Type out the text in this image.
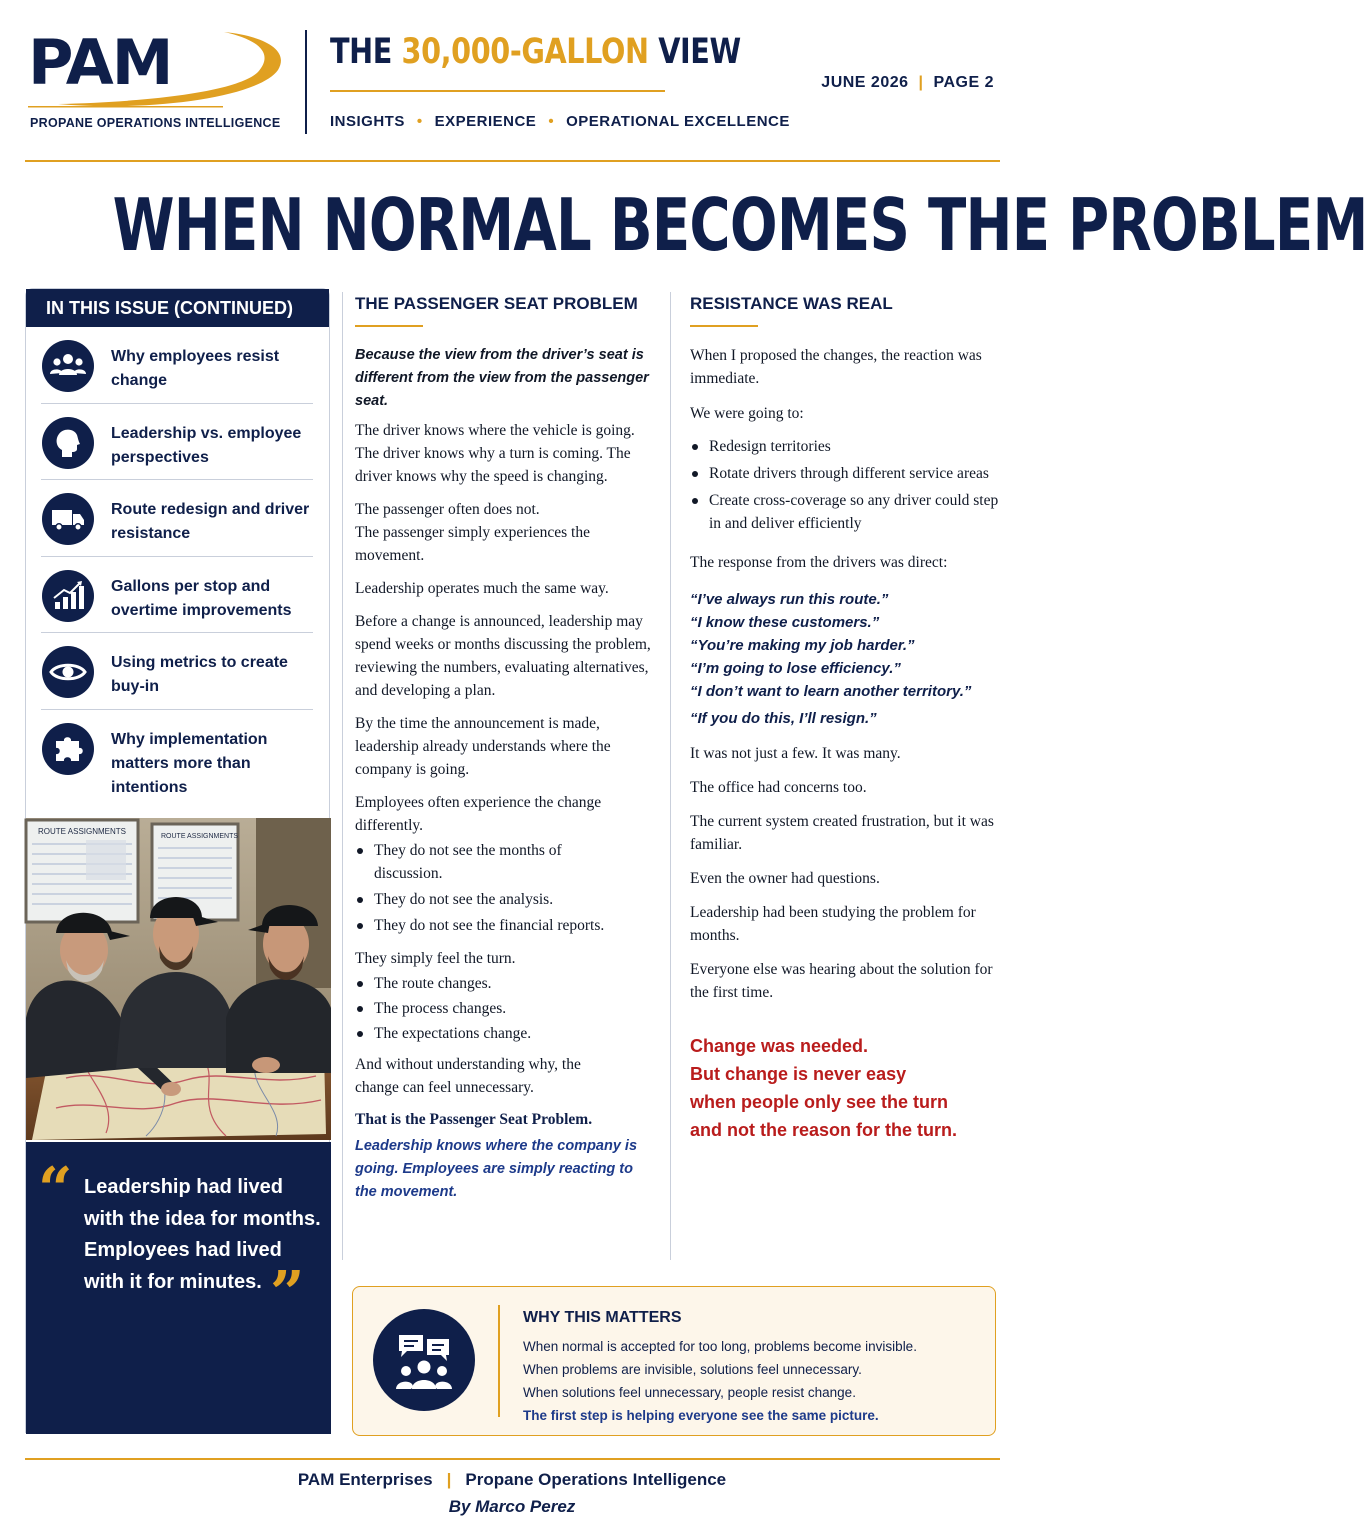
PAM
PROPANE OPERATIONS INTELLIGENCE
THE 30,000-GALLON VIEW
JUNE 2026 | PAGE 2
INSIGHTS • EXPERIENCE • OPERATIONAL EXCELLENCE
WHEN NORMAL BECOMES THE PROBLEM
IN THIS ISSUE (CONTINUED)
Why employees resist change
Leadership vs. employee perspectives
Route redesign and driver resistance
Gallons per stop and overtime improvements
Using metrics to create buy-in
Why implementation matters more than intentions
ROUTE ASSIGNMENTS
ROUTE ASSIGNMENTS
“ Leadership had lived with the idea for months. Employees had lived with it for minutes. ”
THE PASSENGER SEAT PROBLEM

Because the view from the driver’s seat is different from the view from the passenger seat.

The driver knows where the vehicle is going. The driver knows why a turn is coming. The driver knows why the speed is changing.

The passenger often does not.

The passenger simply experiences the movement.

Leadership operates much the same way.

Before a change is announced, leadership may spend weeks or months discussing the problem, reviewing the numbers, evaluating alternatives, and developing a plan.

By the time the announcement is made, leadership already understands where the company is going.

Employees often experience the change differently.

They do not see the months of discussion.
They do not see the analysis.
They do not see the financial reports.

They simply feel the turn.

The route changes.
The process changes.
The expectations change.

And without understanding why, the change can feel unnecessary.

That is the Passenger Seat Problem.

Leadership knows where the company is going. Employees are simply reacting to the movement.

RESISTANCE WAS REAL

When I proposed the changes, the reaction was immediate.

We were going to:

Redesign territories
Rotate drivers through different service areas
Create cross-coverage so any driver could step in and deliver efficiently

The response from the drivers was direct:

“I’ve always run this route.”

“I know these customers.”

“You’re making my job harder.”

“I’m going to lose efficiency.”

“I don’t want to learn another territory.”

“If you do this, I’ll resign.”

It was not just a few. It was many.

The office had concerns too.

The current system created frustration, but it was familiar.

Even the owner had questions.

Leadership had been studying the problem for months.

Everyone else was hearing about the solution for the first time.

Change was needed.
But change is never easy
when people only see the turn
and not the reason for the turn.
WHY THIS MATTERS
When normal is accepted for too long, problems become invisible.
When problems are invisible, solutions feel unnecessary.
When solutions feel unnecessary, people resist change.
The first step is helping everyone see the same picture.
PAM Enterprises | Propane Operations Intelligence
By Marco Perez
